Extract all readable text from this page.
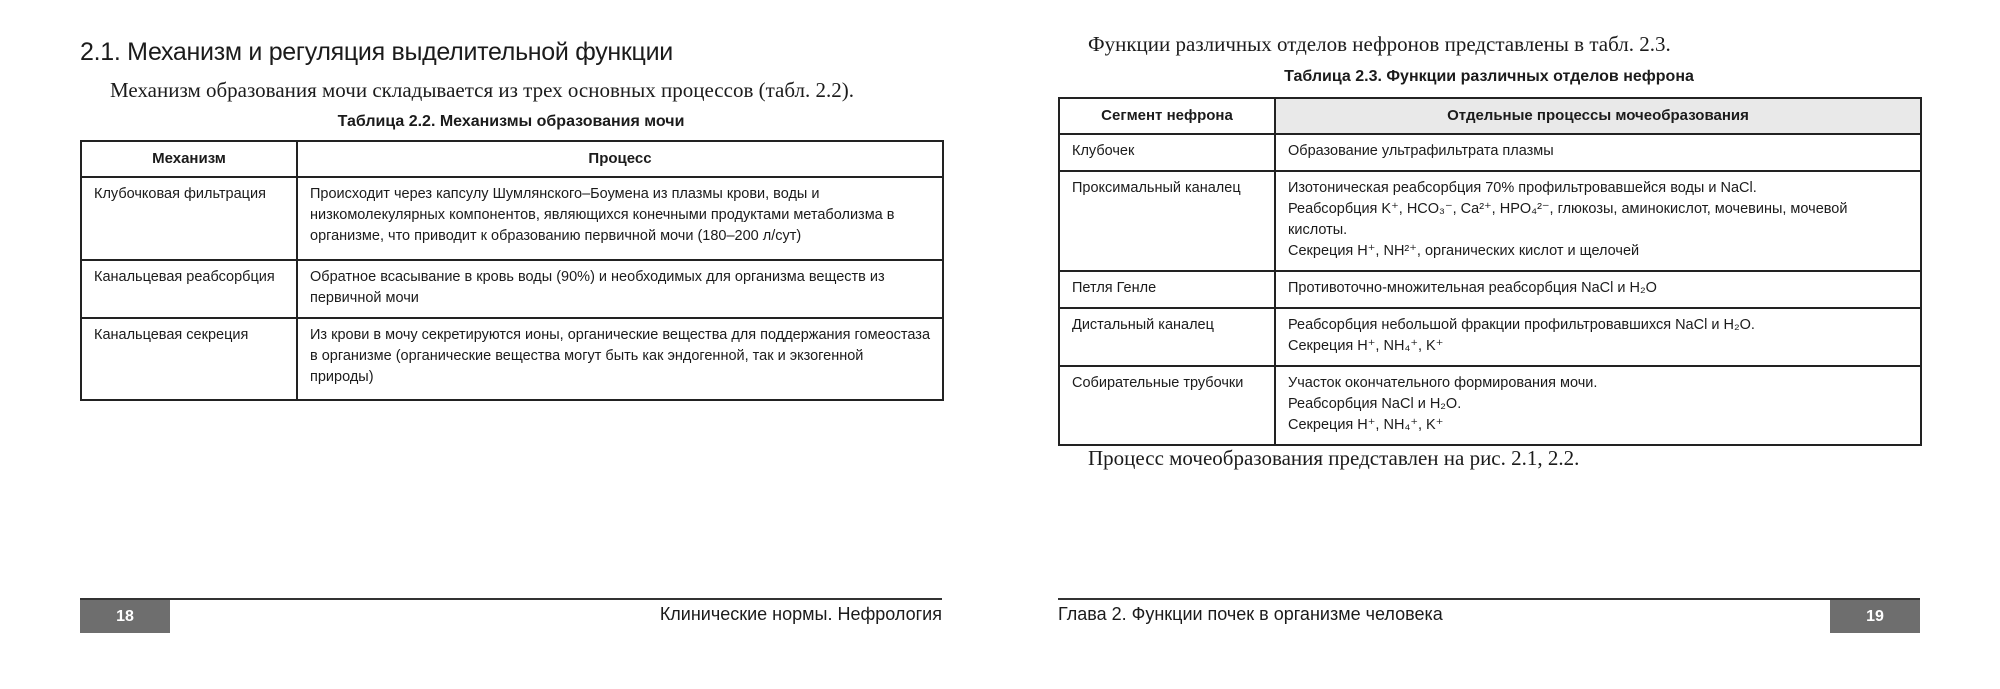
2.1. Механизм и регуляция выделительной функции

Механизм образования мочи складывается из трех основных процессов (табл. 2.2).

Таблица 2.2. Механизмы образования мочи

Механизм	Процесс
Клубочковая фильтрация	Происходит через капсулу Шумлянского–Боумена из плазмы крови, воды и низкомолекулярных компонентов, являющихся конечными продуктами метаболизма в организме, что приводит к образованию первичной мочи (180–200 л/сут)
Канальцевая реабсорбция	Обратное всасывание в кровь воды (90%) и необходимых для организма веществ из первичной мочи
Канальцевая секреция	Из крови в мочу секретируются ионы, органические вещества для поддержания гомеостаза в организме (органические вещества могут быть как эндогенной, так и экзогенной природы)
18	Клинические нормы. Нефрология

Функции различных отделов нефронов представлены в табл. 2.3.

Таблица 2.3. Функции различных отделов нефрона

Сегмент нефрона	Отдельные процессы мочеобразования
Клубочек	Образование ультрафильтрата плазмы

Проксимальный каналец	Изотоническая реабсорбция 70% профильтровавшейся воды и NaCl.
Реабсорбция K⁺, HCO₃⁻, Ca²⁺, HPO₄²⁻, глюкозы, аминокислот, мочевины, мочевой кислоты.
Секреция H⁺, NH²⁺, органических кислот и щелочей

Петля Генле	Противоточно-множительная реабсорбция NaCl и H₂O

Дистальный каналец	Реабсорбция небольшой фракции профильтровавшихся NaCl и H₂O.
Секреция H⁺, NH₄⁺, K⁺

Собирательные трубочки	Участок окончательного формирования мочи.
Реабсорбция NaCl и H₂O.
Секреция H⁺, NH₄⁺, K⁺

Процесс мочеобразования представлен на рис. 2.1, 2.2.

Глава 2. Функции почек в организме человека	19
